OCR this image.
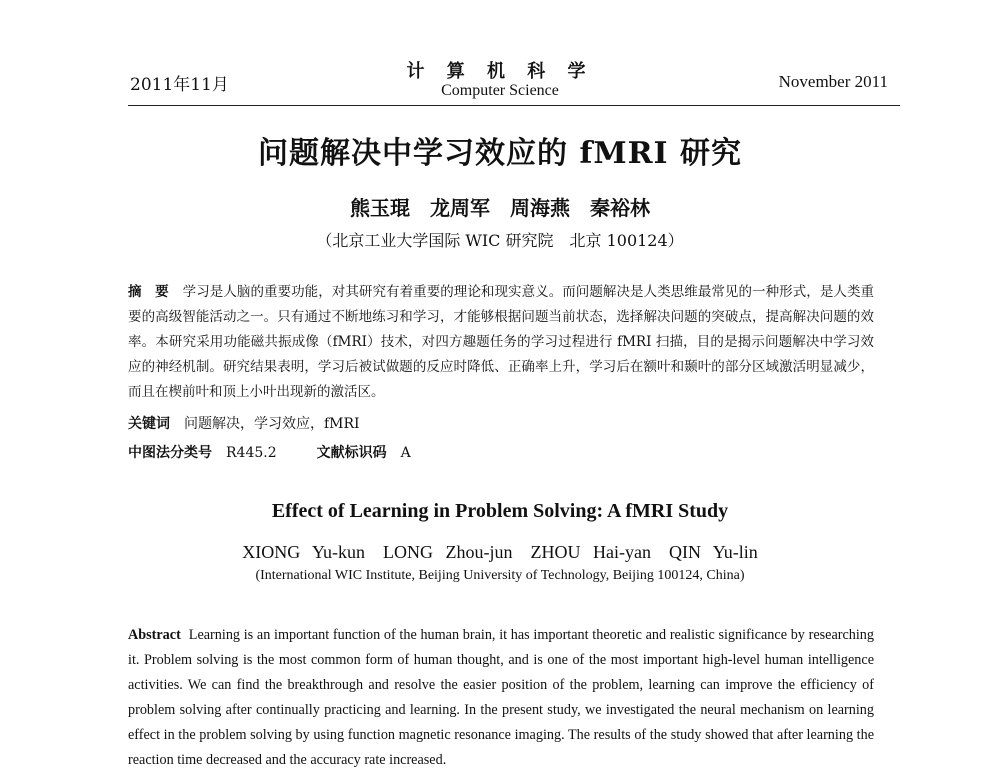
2011年11月
计 算 机 科 学
Computer Science	November 2011
问题解决中学习效应的 fMRI 研究
熊玉琨　龙周军　周海燕　秦裕林
（北京工业大学国际 WIC 研究院　北京 100124）
摘　要 学习是人脑的重要功能，对其研究有着重要的理论和现实意义。而问题解决是人类思维最常见的一种形式，是人类重要的高级智能活动之一。只有通过不断地练习和学习，才能够根据问题当前状态，选择解决问题的突破点，提高解决问题的效率。本研究采用功能磁共振成像（fMRI）技术，对四方趣题任务的学习过程进行 fMRI 扫描，目的是揭示问题解决中学习效应的神经机制。研究结果表明，学习后被试做题的反应时降低、正确率上升，学习后在额叶和颞叶的部分区域激活明显减少，而且在楔前叶和顶上小叶出现新的激活区。
关键词 问题解决，学习效应，fMRI
中图法分类号 R445.2	文献标识码 A
Effect of Learning in Problem Solving: A fMRI Study
XIONG Yu-kun　LONG Zhou-jun　ZHOU Hai-yan　QIN Yu-lin
(International WIC Institute, Beijing University of Technology, Beijing 100124, China)
Abstract Learning is an important function of the human brain, it has important theoretic and realistic significance by researching it. Problem solving is the most common form of human thought, and is one of the most important high-level human intelligence activities. We can find the breakthrough and resolve the easier position of the problem, learning can improve the efficiency of problem solving after continually practicing and learning. In the present study, we investigated the neural mechanism on learning effect in the problem solving by using function magnetic resonance imaging. The results of the study showed that after learning the reaction time decreased and the accuracy rate increased.
